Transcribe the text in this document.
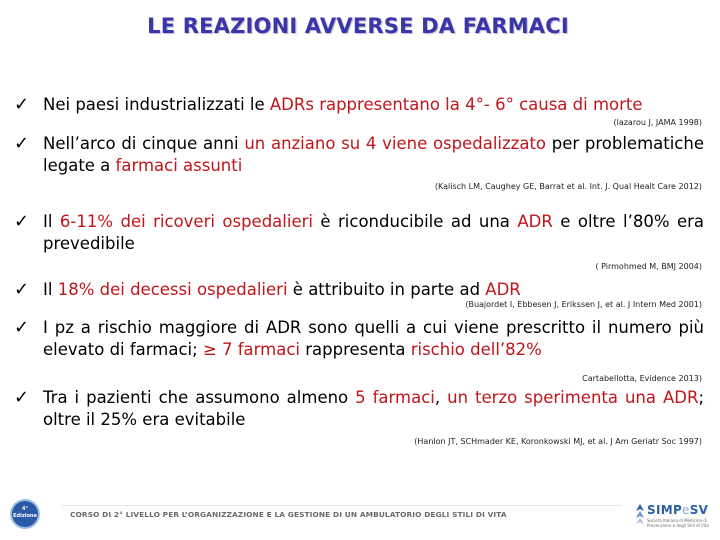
LE REAZIONI AVVERSE DA FARMACI
✓ Nei paesi industrializzati le ADRs rappresentano la 4°- 6° causa di morte
(lazarou J, JAMA 1998)
✓ Nell’arco di cinque anni un anziano su 4 viene ospedalizzato per problematiche legate a farmaci assunti
(Kalisch LM, Caughey GE, Barrat et al. Int. J. Qual Healt Care 2012)
✓ Il 6-11% dei ricoveri ospedalieri è riconducibile ad una ADR e oltre l’80% era prevedibile
( Pirmohmed M, BMJ 2004)
✓ Il 18% dei decessi ospedalieri è attribuito in parte ad ADR
(Buajordet I, Ebbesen J, Erikssen J, et al. J Intern Med 2001)
✓ I pz a rischio maggiore di ADR sono quelli a cui viene prescritto il numero più elevato di farmaci; ≥ 7 farmaci rappresenta rischio dell’82%
Cartabellotta, Evidence 2013)
✓ Tra i pazienti che assumono almeno 5 farmaci, un terzo sperimenta una ADR; oltre il 25% era evitabile
(Hanlon JT, SCHmader KE, Koronkowski MJ, et al. J Am Geriatr Soc 1997)
4°
Edizione	CORSO DI 2° LIVELLO PER L’ORGANIZZAZIONE E LA GESTIONE DI UN AMBULATORIO DEGLI STILI DI VITA	SIMPeSV
Società Italiana di Medicina di Prevenzione e degli Stili di Vita
